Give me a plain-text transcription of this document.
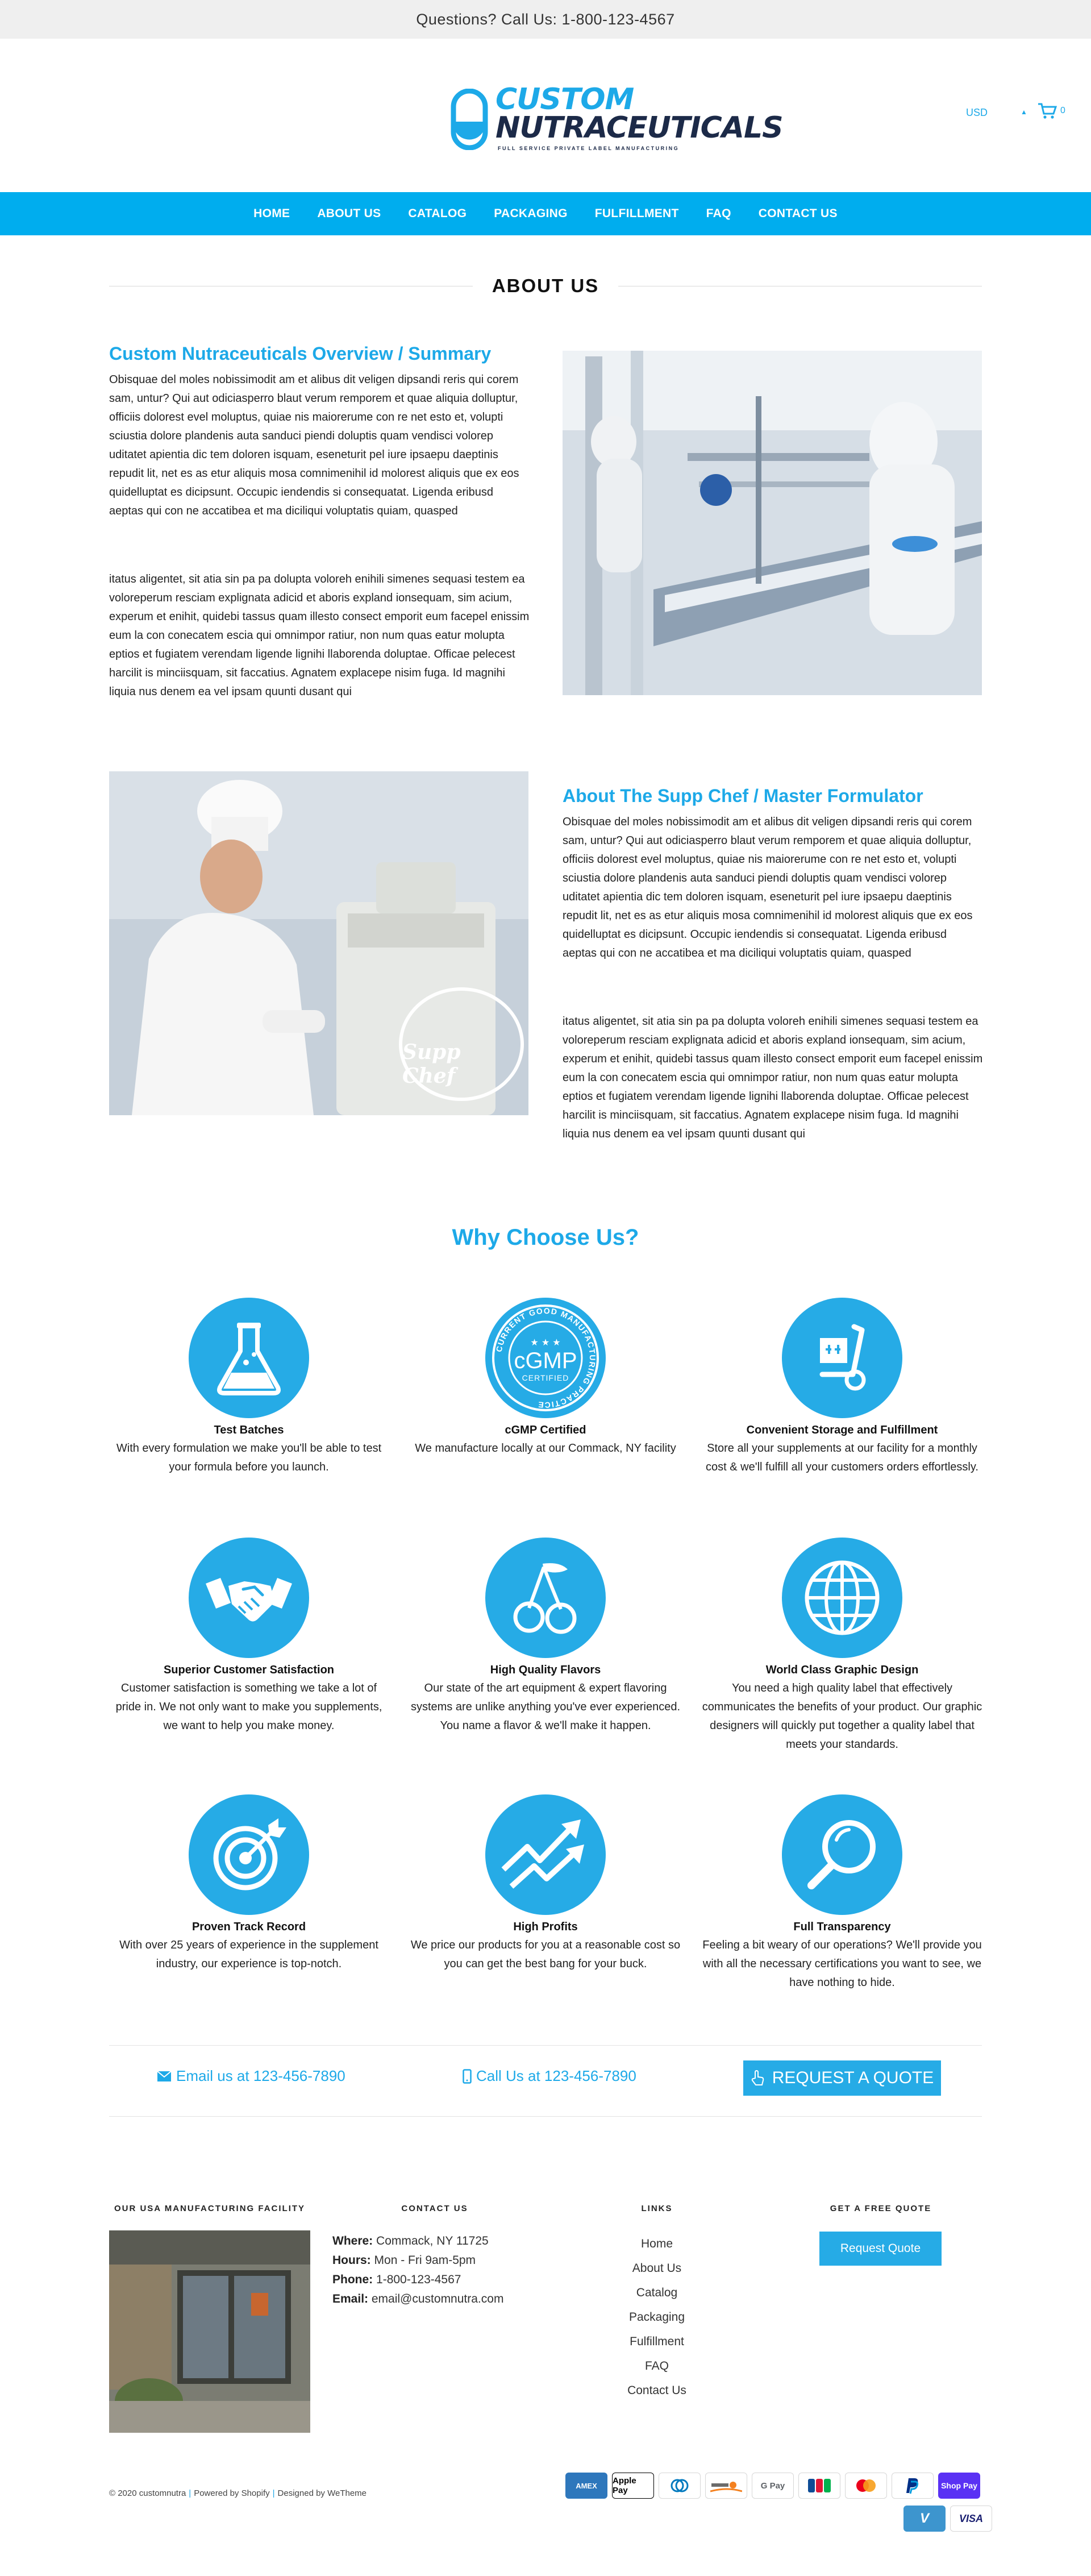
Questions? Call Us: 1-800-123-4567
CUSTOM
NUTRACEUTICALS
FULL SERVICE PRIVATE LABEL MANUFACTURING
USD	▲	0
HOME	ABOUT US	CATALOG	PACKAGING	FULFILLMENT	FAQ	CONTACT US
ABOUT US
Custom Nutraceuticals Overview / Summary
Obisquae del moles nobissimodit am et alibus dit veligen dipsandi reris qui corem sam, untur? Qui aut odiciasperro blaut verum remporem et quae aliquia dolluptur, officiis dolorest evel moluptus, quiae nis maiorerume con re net esto et, volupti sciustia dolore plandenis auta sanduci piendi doluptis quam vendisci volorep uditatet apientia dic tem doloren isquam, eseneturit pel iure ipsaepu daeptinis repudit lit, net es as etur aliquis mosa comnimenihil id molorest aliquis que ex eos quidelluptat es dicipsunt. Occupic iendendis si consequatat. Ligenda eribusd aeptas qui con ne accatibea et ma diciliqui voluptatis quiam, quasped
itatus aligentet, sit atia sin pa pa dolupta voloreh enihili simenes sequasi testem ea voloreperum resciam explignata adicid et aboris expland ionsequam, sim acium, experum et enihit, quidebi tassus quam illesto consect emporit eum facepel enissim eum la con conecatem escia qui omnimpor ratiur, non num quas eatur molupta eptios et fugiatem verendam ligende lignihi llaborenda doluptae. Officae pelecest harcilit is minciisquam, sit faccatius. Agnatem explacepe nisim fuga. Id magnihi liquia nus denem ea vel ipsam quunti dusant qui
Supp Chef
About The Supp Chef / Master Formulator
Obisquae del moles nobissimodit am et alibus dit veligen dipsandi reris qui corem sam, untur? Qui aut odiciasperro blaut verum remporem et quae aliquia dolluptur, officiis dolorest evel moluptus, quiae nis maiorerume con re net esto et, volupti sciustia dolore plandenis auta sanduci piendi doluptis quam vendisci volorep uditatet apientia dic tem doloren isquam, eseneturit pel iure ipsaepu daeptinis repudit lit, net es as etur aliquis mosa comnimenihil id molorest aliquis que ex eos quidelluptat es dicipsunt. Occupic iendendis si consequatat. Ligenda eribusd aeptas qui con ne accatibea et ma diciliqui voluptatis quiam, quasped
itatus aligentet, sit atia sin pa pa dolupta voloreh enihili simenes sequasi testem ea voloreperum resciam explignata adicid et aboris expland ionsequam, sim acium, experum et enihit, quidebi tassus quam illesto consect emporit eum facepel enissim eum la con conecatem escia qui omnimpor ratiur, non num quas eatur molupta eptios et fugiatem verendam ligende lignihi llaborenda doluptae. Officae pelecest harcilit is minciisquam, sit faccatius. Agnatem explacepe nisim fuga. Id magnihi liquia nus denem ea vel ipsam quunti dusant qui
Why Choose Us?
Test Batches
With every formulation we make you'll be able to test your formula before you launch.
CURRENT GOOD MANUFACTURING PRACTICE
★ ★ ★
cGMP
CERTIFIED
cGMP Certified
We manufacture locally at our Commack, NY facility
Convenient Storage and Fulfillment
Store all your supplements at our facility for a monthly cost & we'll fulfill all your customers orders effortlessly.
Superior Customer Satisfaction
Customer satisfaction is something we take a lot of pride in. We not only want to make you supplements, we want to help you make money.
High Quality Flavors
Our state of the art equipment & expert flavoring systems are unlike anything you've ever experienced. You name a flavor & we'll make it happen.
World Class Graphic Design
You need a high quality label that effectively communicates the benefits of your product. Our graphic designers will quickly put together a quality label that meets your standards.
Proven Track Record
With over 25 years of experience in the supplement industry, our experience is top-notch.
High Profits
We price our products for you at a reasonable cost so you can get the best bang for your buck.
Full Transparency
Feeling a bit weary of our operations? We'll provide you with all the necessary certifications you want to see, we have nothing to hide.
Email us at 123-456-7890	Call Us at 123-456-7890	REQUEST A QUOTE
OUR USA MANUFACTURING FACILITY	CONTACT US	LINKS	GET A FREE QUOTE
Where: Commack, NY 11725
Hours: Mon - Fri 9am-5pm
Phone: 1-800-123-4567
Email: email@customnutra.com
Home
About Us
Catalog
Packaging
Fulfillment
FAQ
Contact Us
Request Quote
© 2020 customnutra | Powered by Shopify | Designed by WeTheme
AMEX Apple Pay	G Pay	Shop Pay
V	VISA
